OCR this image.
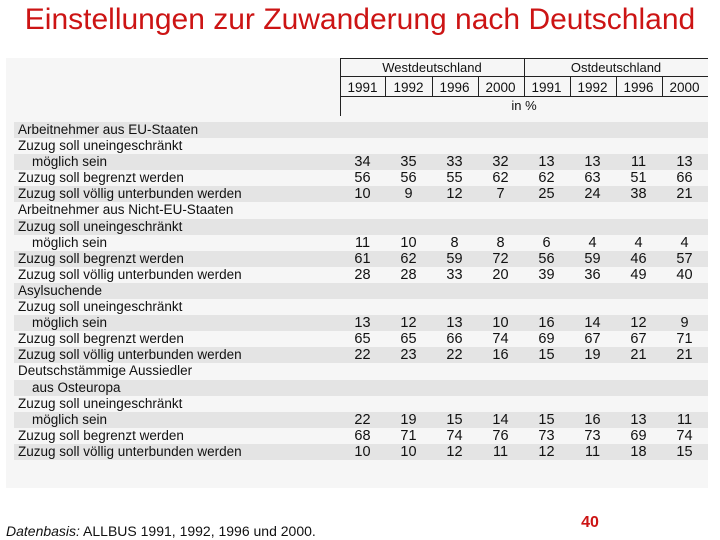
Einstellungen zur Zuwanderung nach Deutschland
Westdeutschland	Ostdeutschland
1991	1992	1996	2000	1991	1992	1996	2000
in %
Arbeitnehmer aus EU-Staaten
Zuzug soll uneingeschränkt
möglich sein	34	35	33	32	13	13	11	13
Zuzug soll begrenzt werden	56	56	55	62	62	63	51	66
Zuzug soll völlig unterbunden werden	10	9	12	7	25	24	38	21
Arbeitnehmer aus Nicht-EU-Staaten
Zuzug soll uneingeschränkt
möglich sein	11	10	8	8	6	4	4	4
Zuzug soll begrenzt werden	61	62	59	72	56	59	46	57
Zuzug soll völlig unterbunden werden	28	28	33	20	39	36	49	40
Asylsuchende
Zuzug soll uneingeschränkt
möglich sein	13	12	13	10	16	14	12	9
Zuzug soll begrenzt werden	65	65	66	74	69	67	67	71
Zuzug soll völlig unterbunden werden	22	23	22	16	15	19	21	21
Deutschstämmige Aussiedler
aus Osteuropa
Zuzug soll uneingeschränkt
möglich sein	22	19	15	14	15	16	13	11
Zuzug soll begrenzt werden	68	71	74	76	73	73	69	74
Zuzug soll völlig unterbunden werden	10	10	12	11	12	11	18	15
Datenbasis: ALLBUS 1991, 1992, 1996 und 2000.	40
